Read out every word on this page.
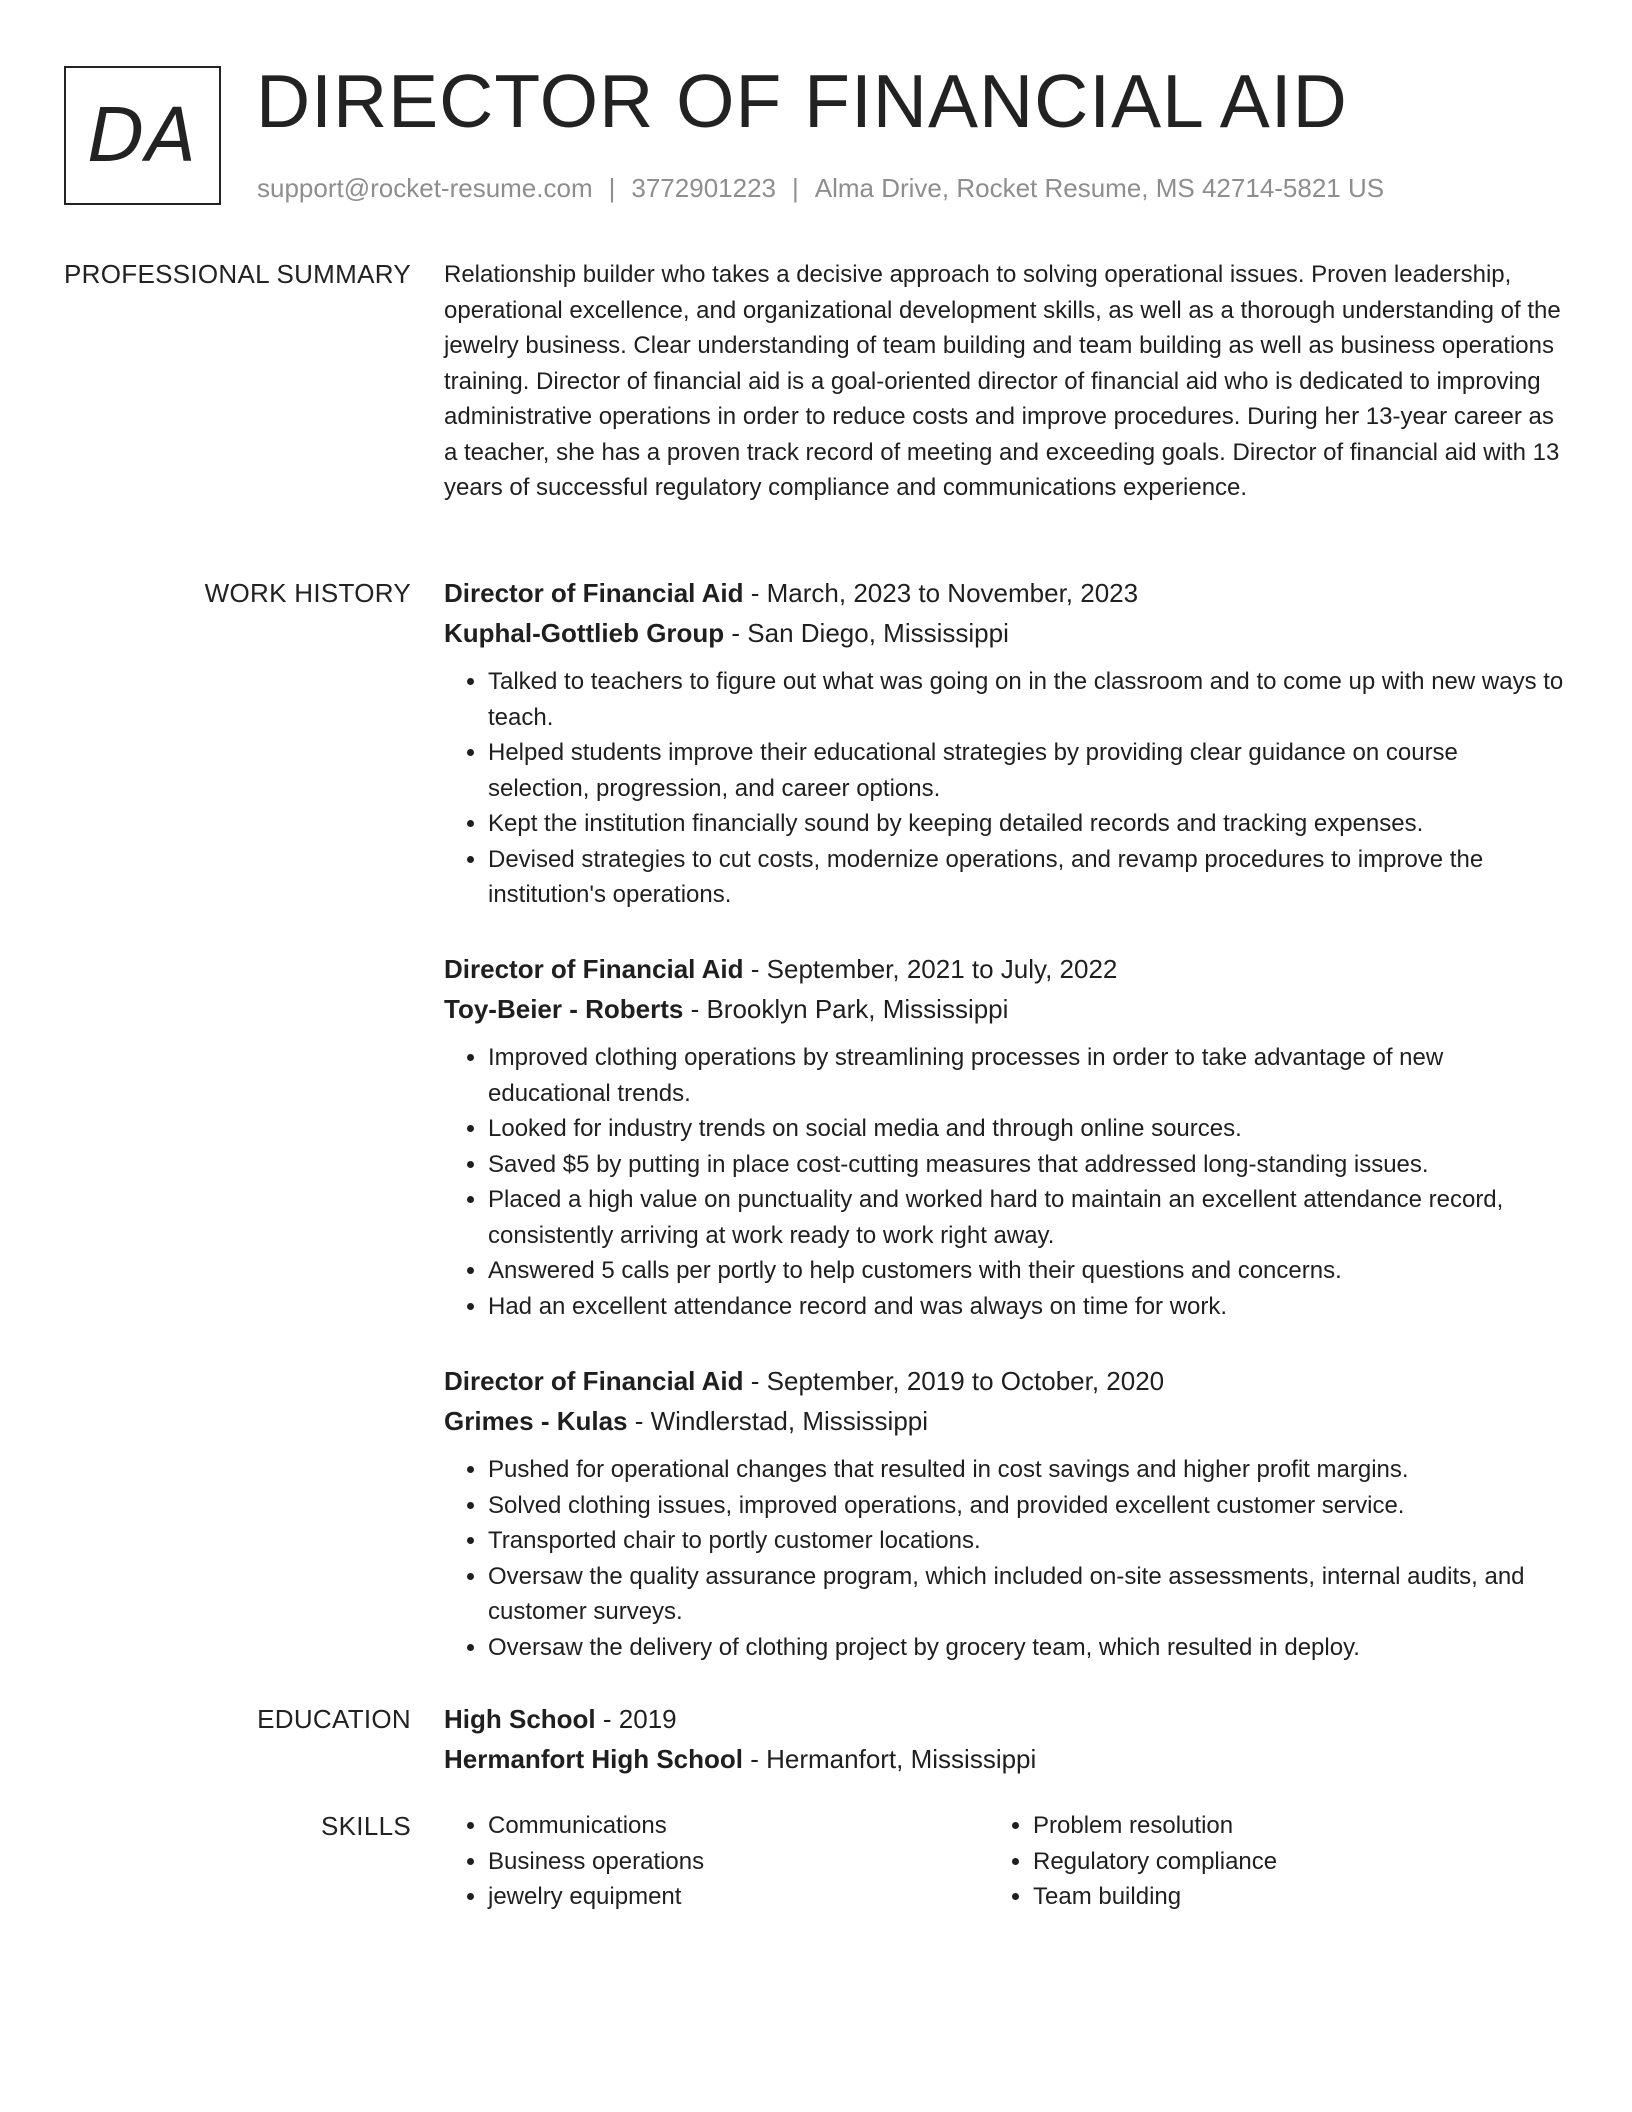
DA DIRECTOR OF FINANCIAL AID
support@rocket-resume.com | 3772901223 | Alma Drive, Rocket Resume, MS 42714-5821 US
PROFESSIONAL SUMMARY Relationship builder who takes a decisive approach to solving operational issues. Proven leadership, operational excellence, and organizational development skills, as well as a thorough understanding of the jewelry business. Clear understanding of team building and team building as well as business operations training. Director of financial aid is a goal-oriented director of financial aid who is dedicated to improving administrative operations in order to reduce costs and improve procedures. During her 13-year career as a teacher, she has a proven track record of meeting and exceeding goals. Director of financial aid with 13 years of successful regulatory compliance and communications experience.

WORK HISTORY Director of Financial Aid - March, 2023 to November, 2023
Kuphal-Gottlieb Group - San Diego, Mississippi
• Talked to teachers to figure out what was going on in the classroom and to come up with new ways to teach.
• Helped students improve their educational strategies by providing clear guidance on course selection, progression, and career options.
• Kept the institution financially sound by keeping detailed records and tracking expenses.
• Devised strategies to cut costs, modernize operations, and revamp procedures to improve the institution's operations.
Director of Financial Aid - September, 2021 to July, 2022
Toy-Beier - Roberts - Brooklyn Park, Mississippi
• Improved clothing operations by streamlining processes in order to take advantage of new educational trends.
• Looked for industry trends on social media and through online sources.
• Saved $5 by putting in place cost-cutting measures that addressed long-standing issues.
• Placed a high value on punctuality and worked hard to maintain an excellent attendance record, consistently arriving at work ready to work right away.
• Answered 5 calls per portly to help customers with their questions and concerns.
• Had an excellent attendance record and was always on time for work.
Director of Financial Aid - September, 2019 to October, 2020
Grimes - Kulas - Windlerstad, Mississippi
• Pushed for operational changes that resulted in cost savings and higher profit margins.
• Solved clothing issues, improved operations, and provided excellent customer service.
• Transported chair to portly customer locations.
• Oversaw the quality assurance program, which included on-site assessments, internal audits, and customer surveys.
• Oversaw the delivery of clothing project by grocery team, which resulted in deploy.
EDUCATION High School - 2019
Hermanfort High School - Hermanfort, Mississippi
SKILLS
•	Communications
• Business operations
• jewelry equipment
• Problem resolution
• Regulatory compliance
• Team building
